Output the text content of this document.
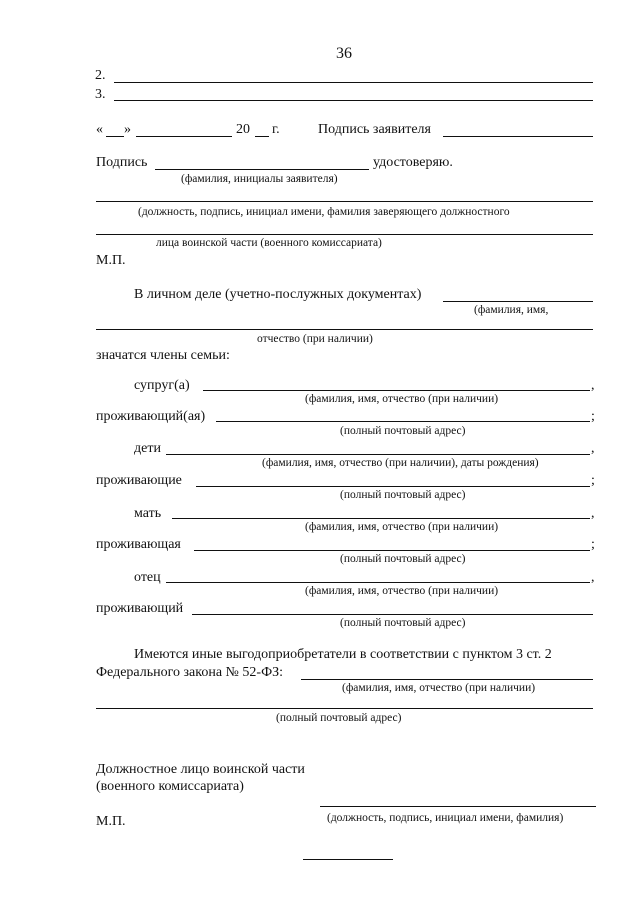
36
2.
3.
« »	20 г.	Подпись заявителя
Подпись	удостоверяю.
(фамилия, инициалы заявителя)
(должность, подпись, инициал имени, фамилия заверяющего должностного
лица воинской части (военного комиссариата)
М.П.
В личном деле (учетно-послужных документах)
(фамилия, имя,
отчество (при наличии)
значатся члены семьи:
супруг(а)	,
(фамилия, имя, отчество (при наличии)
проживающий(ая)	;
(полный почтовый адрес)
дети	,
(фамилия, имя, отчество (при наличии), даты рождения)
проживающие	;
(полный почтовый адрес)
мать	,
(фамилия, имя, отчество (при наличии)
проживающая	;
(полный почтовый адрес)
отец	,
(фамилия, имя, отчество (при наличии)
проживающий
(полный почтовый адрес)
Имеются иные выгодоприобретатели в соответствии с пунктом 3 ст. 2
Федерального закона № 52-ФЗ:
(фамилия, имя, отчество (при наличии)
(полный почтовый адрес)
Должностное лицо воинской части
(военного комиссариата)
М.П.	(должность, подпись, инициал имени, фамилия)
